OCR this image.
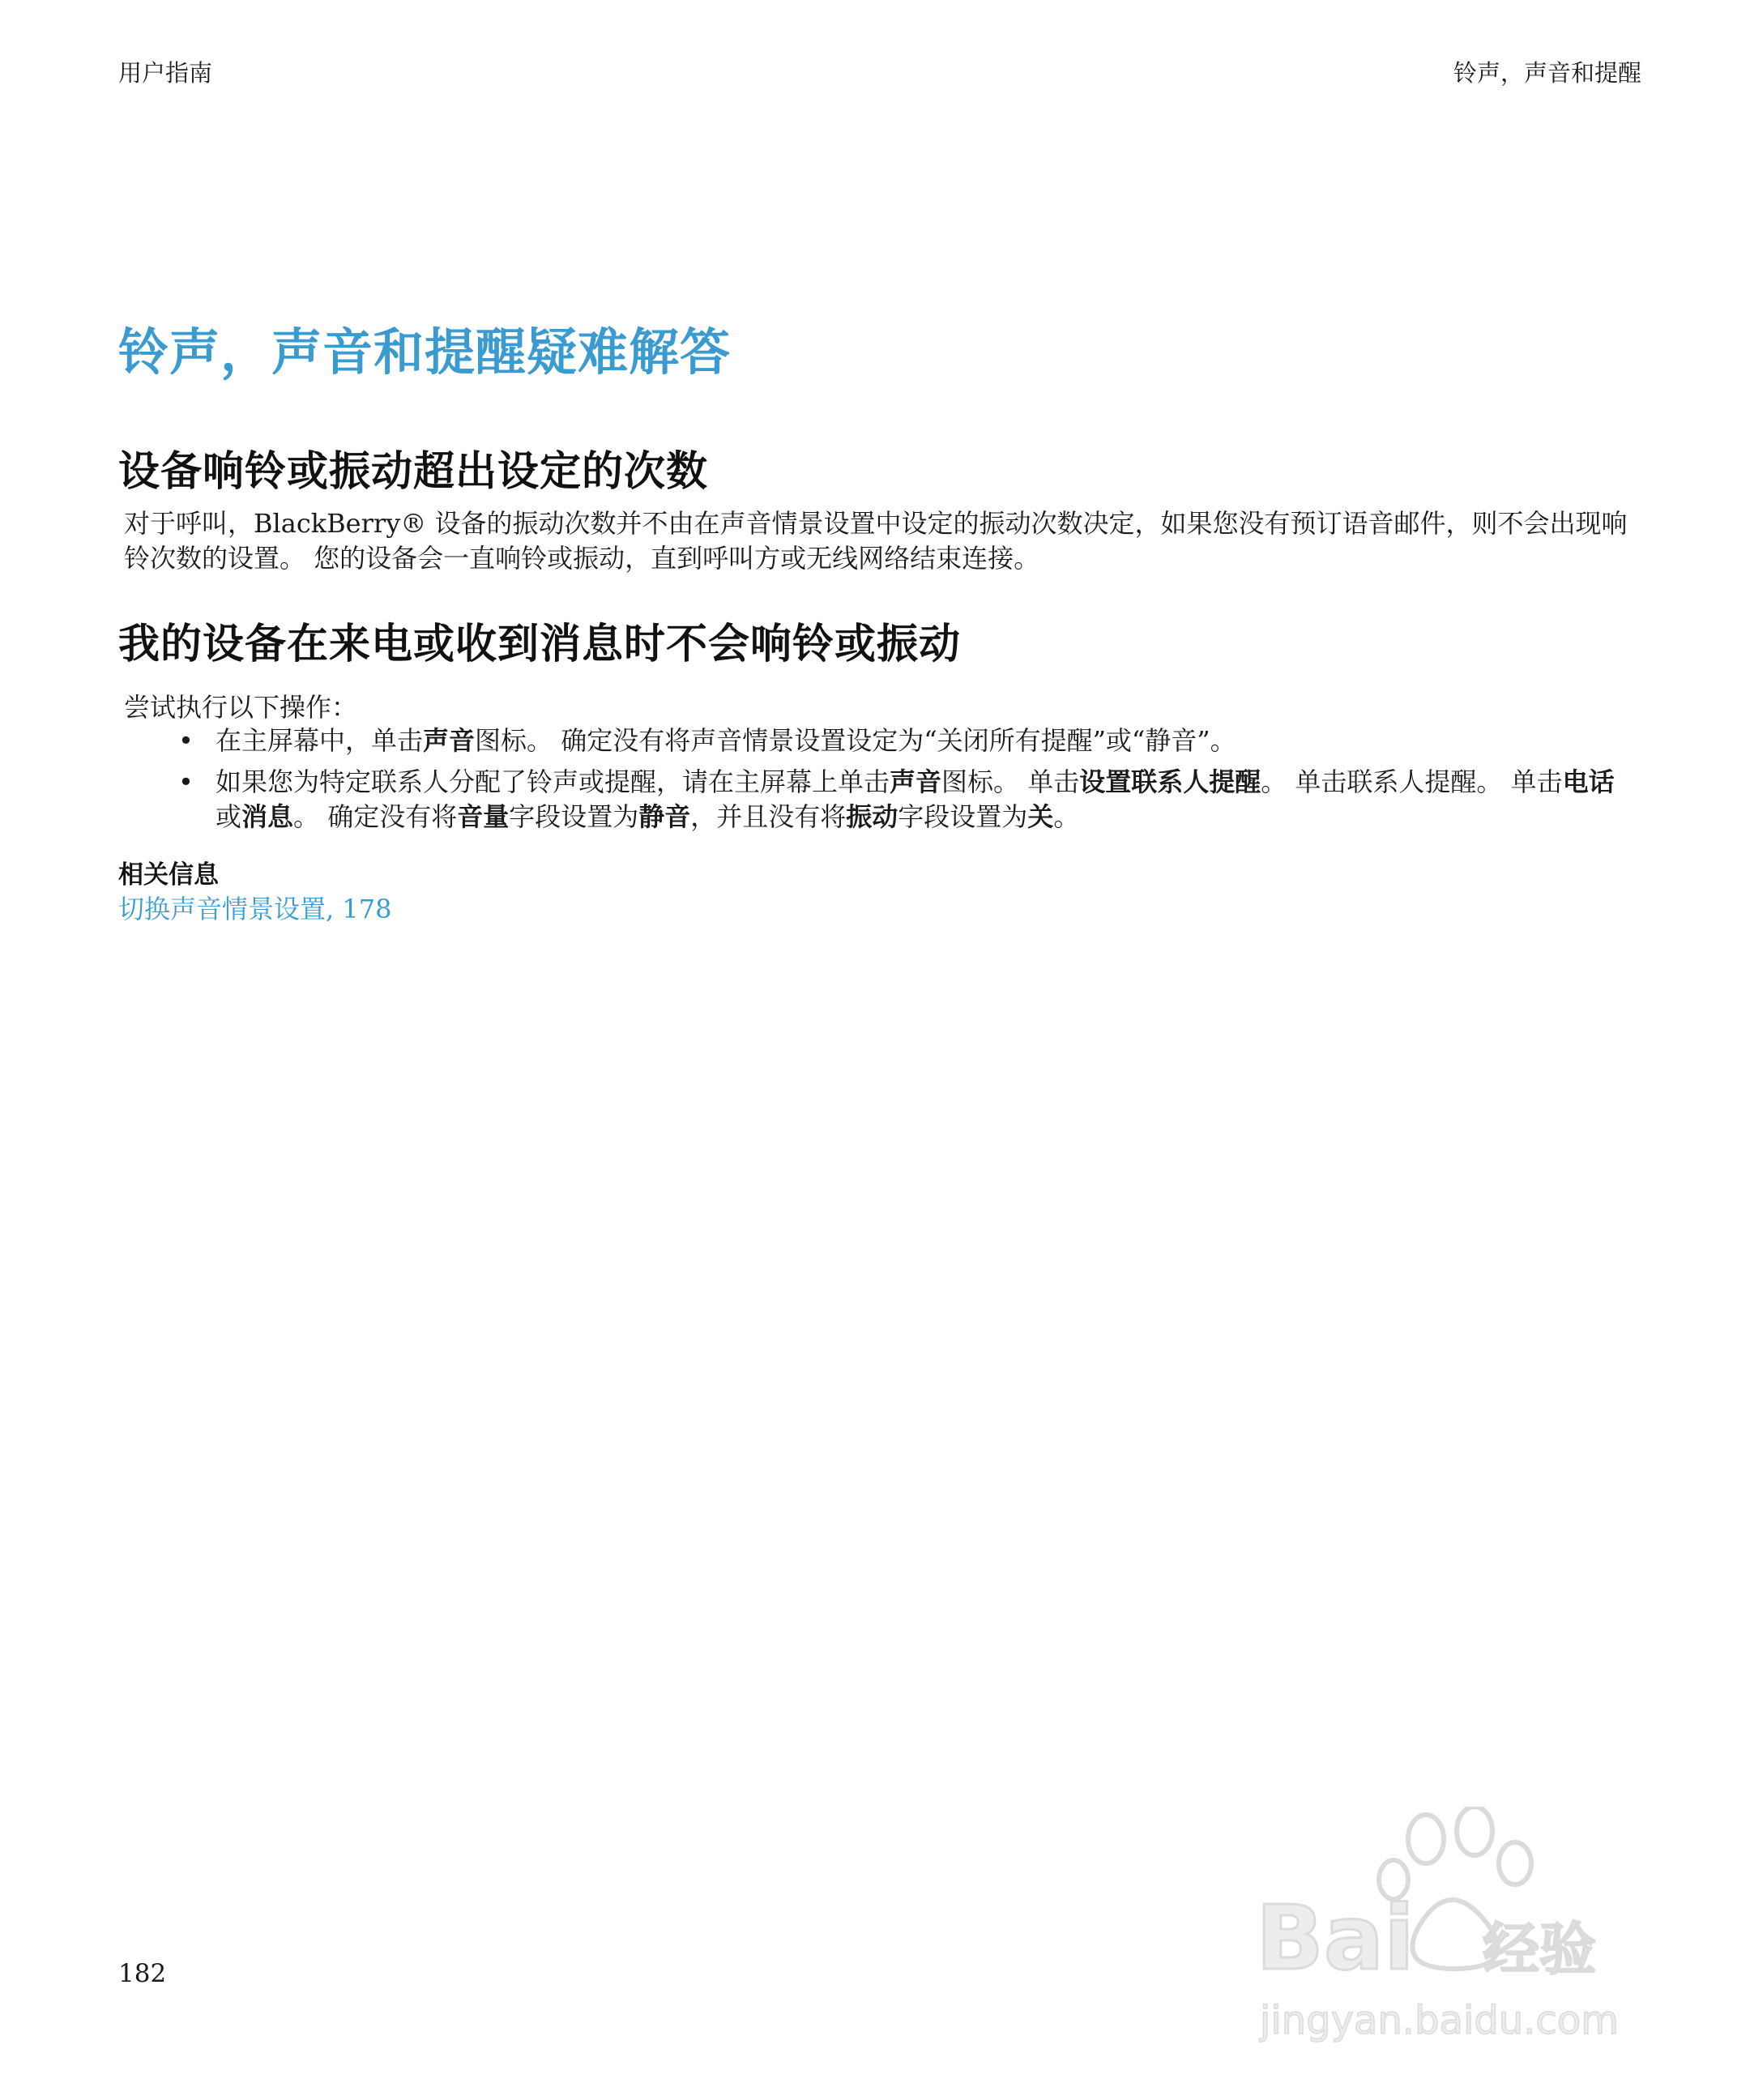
用户指南	铃声，声音和提醒
铃声，声音和提醒疑难解答
设备响铃或振动超出设定的次数
对于呼叫，BlackBerry® 设备的振动次数并不由在声音情景设置中设定的振动次数决定，如果您没有预订语音邮件，则不会出现响铃次数的设置。 您的设备会一直响铃或振动，直到呼叫方或无线网络结束连接。
我的设备在来电或收到消息时不会响铃或振动
尝试执行以下操作：
• 在主屏幕中，单击声音图标。 确定没有将声音情景设置设定为“关闭所有提醒”或“静音”。
• 如果您为特定联系人分配了铃声或提醒，请在主屏幕上单击声音图标。 单击设置联系人提醒。 单击联系人提醒。 单击电话或消息。 确定没有将音量字段设置为静音，并且没有将振动字段设置为关。
相关信息
切换声音情景设置, 178
182	Bai 经验
jingyan.baidu.com
